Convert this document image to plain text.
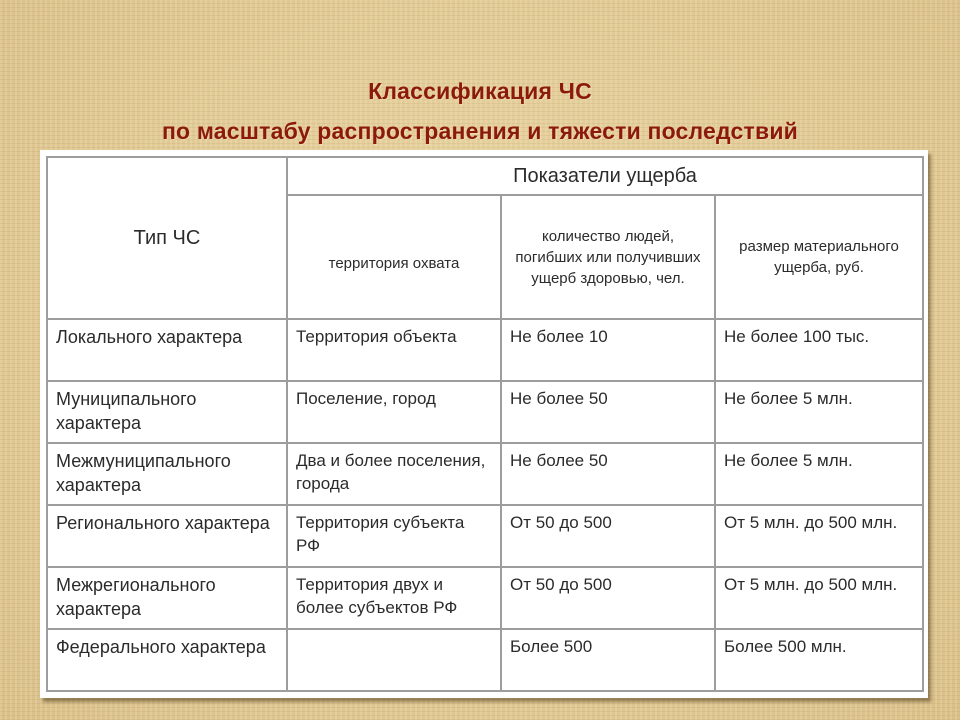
Классификация ЧС
по масштабу распространения и тяжести последствий
Тип ЧС	Показатели ущерба		
	территория охвата	количество людей, погибших или получивших ущерб здоровью, чел.	размер материального ущерба, руб.
Локального характера	Территория объекта	Не более 10	Не более 100 тыс.
Муниципального характера	Поселение, город	Не более 50	Не более 5 млн.
Межмуниципального характера	Два и более поселения, города	Не более 50	Не более 5 млн.
Регионального характера	Территория субъекта РФ	От 50 до 500	От 5 млн. до 500 млн.
Межрегионального характера	Территория двух и более субъектов РФ	От 50 до 500	От 5 млн. до 500 млн.
Федерального характера		Более 500	Более 500 млн.
